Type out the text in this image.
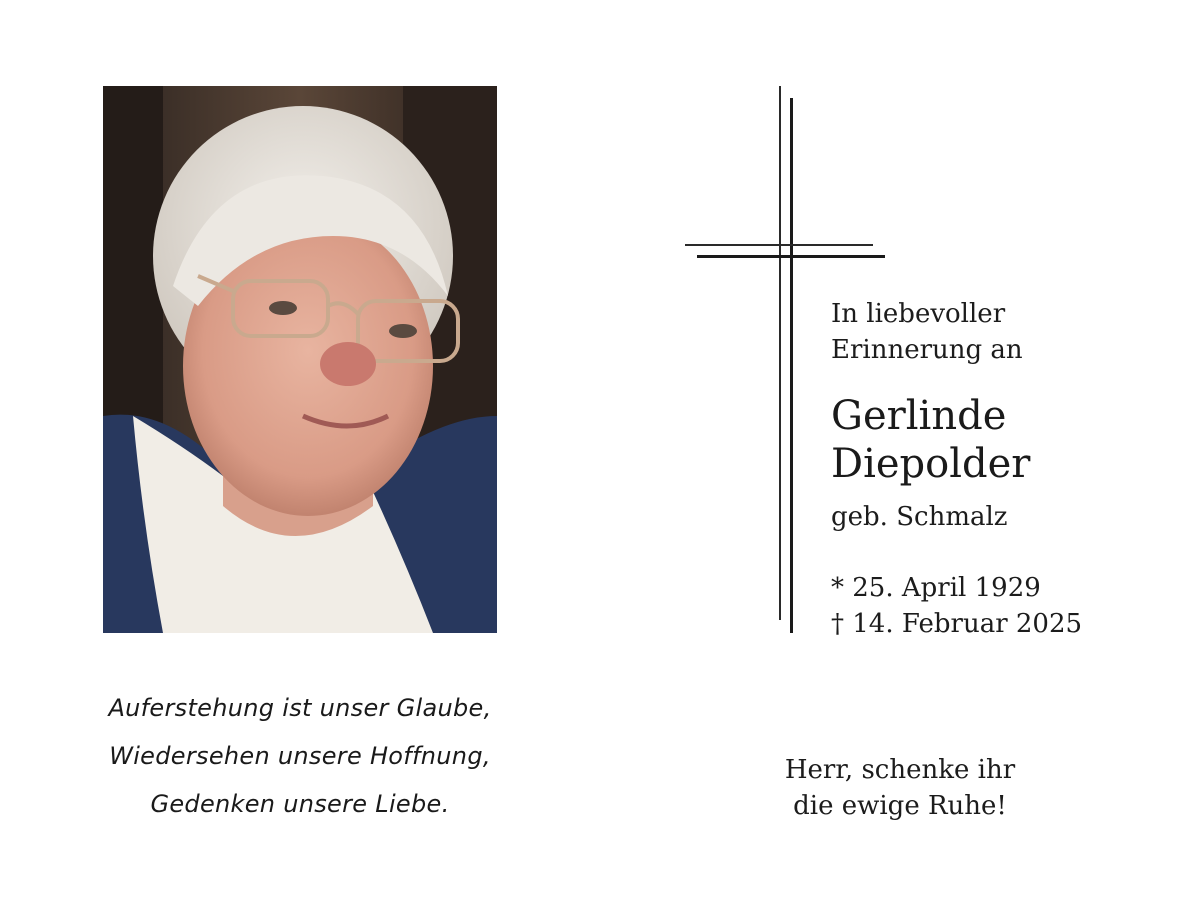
Auferstehung ist unser Glaube,
Wiedersehen unsere Hoffnung,
Gedenken unsere Liebe.
In liebevoller
Erinnerung an
Gerlinde
Diepolder
geb. Schmalz
* 25. April 1929
† 14. Februar 2025
Herr, schenke ihr
die ewige Ruhe!
